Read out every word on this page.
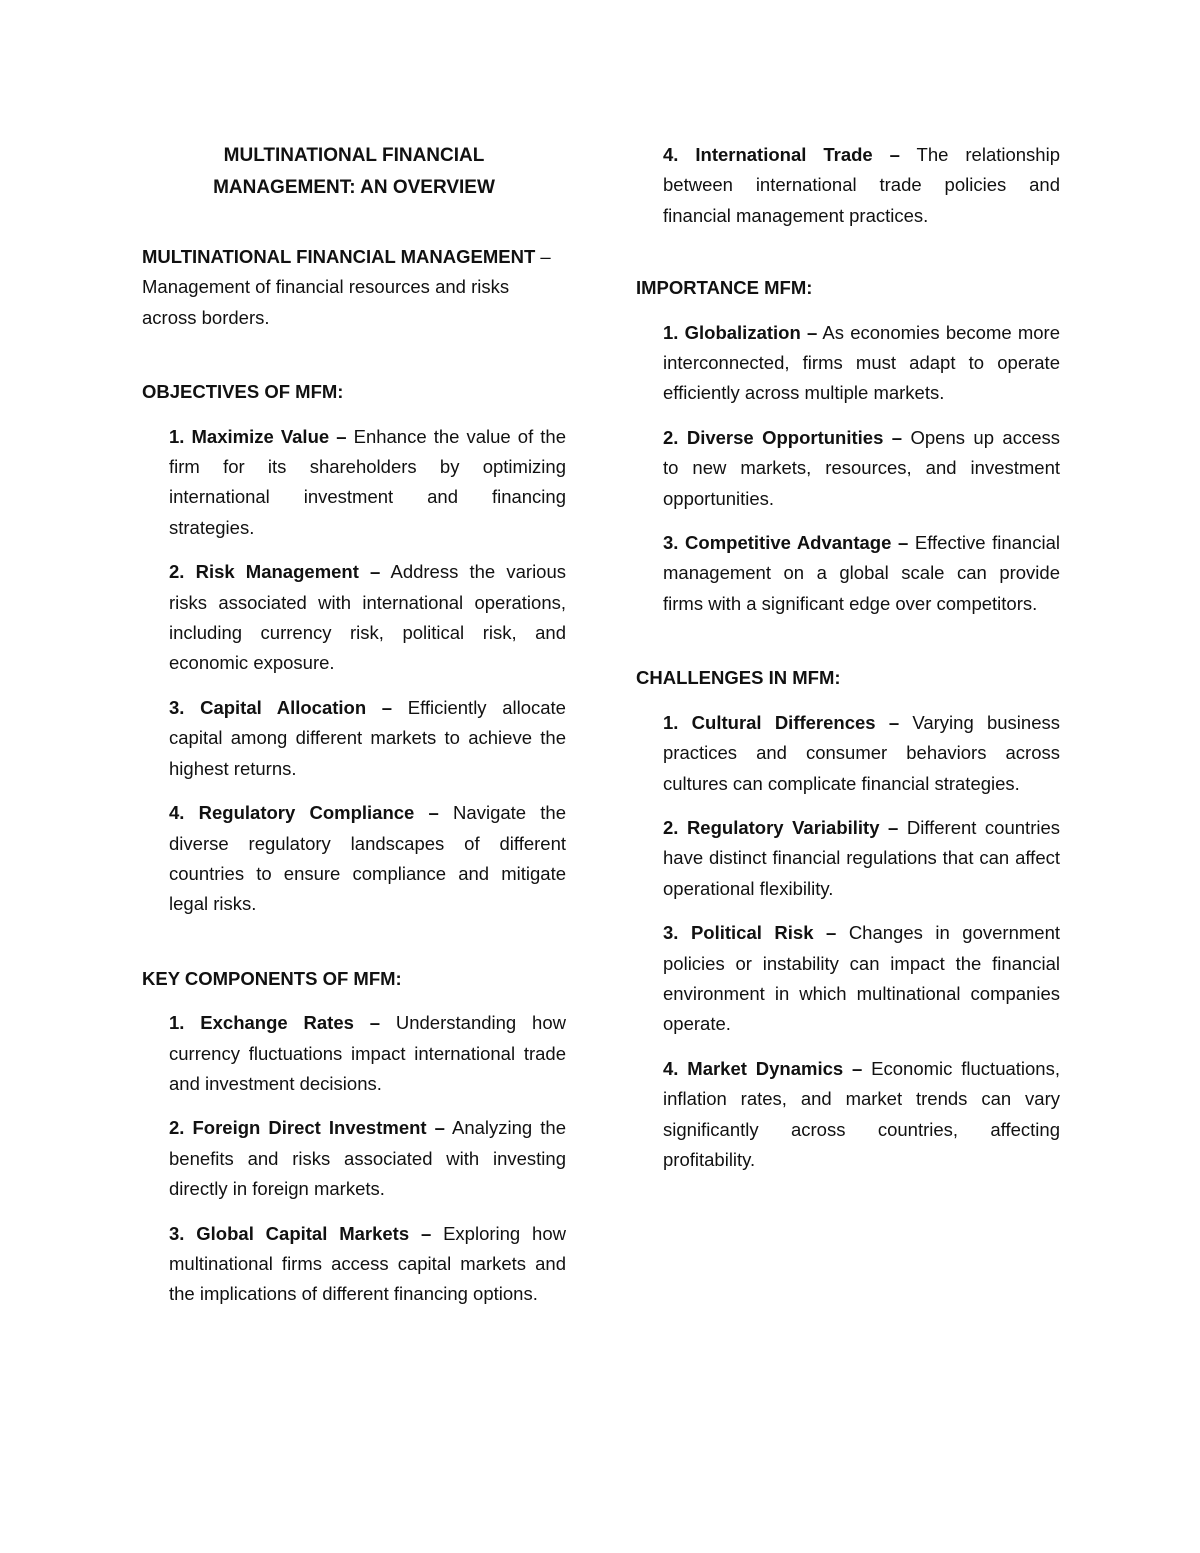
MULTINATIONAL FINANCIAL
MANAGEMENT: AN OVERVIEW
MULTINATIONAL FINANCIAL MANAGEMENT – Management of financial resources and risks across borders.
OBJECTIVES OF MFM:
1. Maximize Value – Enhance the value of the firm for its shareholders by optimizing international investment and financing strategies.
2. Risk Management – Address the various risks associated with international operations, including currency risk, political risk, and economic exposure.
3. Capital Allocation – Efficiently allocate capital among different markets to achieve the highest returns.
4. Regulatory Compliance – Navigate the diverse regulatory landscapes of different countries to ensure compliance and mitigate legal risks.
KEY COMPONENTS OF MFM:
1. Exchange Rates – Understanding how currency fluctuations impact international trade and investment decisions.
2. Foreign Direct Investment – Analyzing the benefits and risks associated with investing directly in foreign markets.
3. Global Capital Markets – Exploring how multinational firms access capital markets and the implications of different financing options.
4. International Trade – The relationship between international trade policies and financial management practices.
IMPORTANCE MFM:
1. Globalization – As economies become more interconnected, firms must adapt to operate efficiently across multiple markets.
2. Diverse Opportunities – Opens up access to new markets, resources, and investment opportunities.
3. Competitive Advantage – Effective financial management on a global scale can provide firms with a significant edge over competitors.
CHALLENGES IN MFM:
1. Cultural Differences – Varying business practices and consumer behaviors across cultures can complicate financial strategies.
2. Regulatory Variability – Different countries have distinct financial regulations that can affect operational flexibility.
3. Political Risk – Changes in government policies or instability can impact the financial environment in which multinational companies operate.
4. Market Dynamics – Economic fluctuations, inflation rates, and market trends can vary significantly across countries, affecting profitability.
